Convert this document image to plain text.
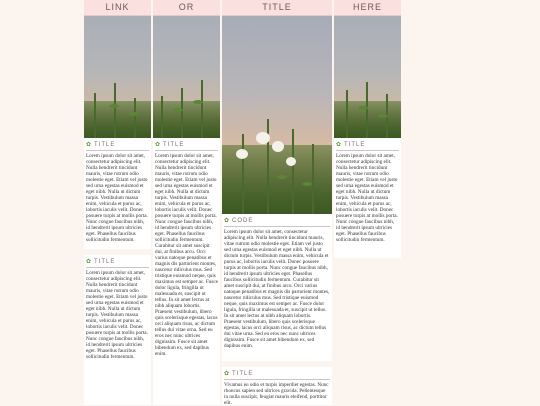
LINK
✿ TITLE
Lorem ipsum dolor sit amet, consectetur adipiscing elit. Nulla hendrerit tincidunt mauris, vitae rutrum odio molestie eget. Etiam vel justo sed urna egestas euismod et eget nibh. Nulla ut dictum turpis. Vestibulum massa enim, vehicula et purus ac, lobortis iaculis velit. Donec posuere turpis at mollis porta. Nunc congue faucibus nibh, id hendrerit ipsum ultricies eget. Phasellus faucibus sollicitudin fermentum.
✿ TITLE
Lorem ipsum dolor sit amet, consectetur adipiscing elit. Nulla hendrerit tincidunt mauris, vitae rutrum odio molestie eget. Etiam vel justo sed urna egestas euismod et eget nibh. Nulla ut dictum turpis. Vestibulum massa enim, vehicula et purus ac, lobortis iaculis velit. Donec posuere turpis at mollis porta. Nunc congue faucibus nibh, id hendrerit ipsum ultricies eget. Phasellus faucibus sollicitudin fermentum.
OR
✿ TITLE
Lorem ipsum dolor sit amet, consectetur adipiscing elit. Nulla hendrerit tincidunt mauris, vitae rutrum odio molestie eget. Etiam vel justo sed urna egestas euismod et eget nibh. Nulla ut dictum turpis. Vestibulum massa enim, vehicula et purus ac, lobortis iaculis velit. Donec posuere turpis at mollis porta. Nunc congue faucibus nibh, id hendrerit ipsum ultricies eget. Phasellus faucibus sollicitudin fermentum. Curabitur sit amet suscipit dui, at finibus arcu. Orci varius natoque penatibus et magnis dis parturient montes, nascetur ridiculus mus. Sed tristique euismod neque, quis maximus est semper ac. Fusce dolor ligula, fringilla ut malesuada et, suscipit ut tellus. In sit amet lectus at nibh aliquam lobortis. Praesent vestibulum, libero quis scelerisque egestas, lacus orci aliquam risus, ac dictum tellus dui vitae urna. Sed eu eros nec nunc ultrices dignissim. Fusce sit amet bibendum ex, sed dapibus enim.
TITLE
✿ CODE
Lorem ipsum dolor sit amet, consectetur adipiscing elit. Nulla hendrerit tincidunt mauris, vitae rutrum odio molestie eget. Etiam vel justo sed urna egestas euismod et eget nibh. Nulla ut dictum turpis. Vestibulum massa enim, vehicula et purus ac, lobortis iaculis velit. Donec posuere turpis at mollis porta. Nunc congue faucibus nibh, id hendrerit ipsum ultricies eget. Phasellus faucibus sollicitudin fermentum. Curabitur sit amet suscipit dui, at finibus arcu. Orci varius natoque penatibus et magnis dis parturient montes, nascetur ridiculus mus. Sed tristique euismod neque, quis maximus est semper ac. Fusce dolor ligula, fringilla ut malesuada et, suscipit ut tellus. In sit amet lectus at nibh aliquam lobortis. Praesent vestibulum, libero quis scelerisque egestas, lacus orci aliquam risus, ac dictum tellus dui vitae urna. Sed eu eros nec nunc ultrices dignissim. Fusce sit amet bibendum ex, sed dapibus enim.
✿ TITLE
Vivamus eu odio et turpis imperdiet egestas. Nunc rhoncus sapien sed ultrices gravida. Pellentesque in nulla suscipit, feugiat mauris eleifend, porttitor elit.
HERE
✿ TITLE
Lorem ipsum dolor sit amet, consectetur adipiscing elit. Nulla hendrerit tincidunt mauris, vitae rutrum odio molestie eget. Etiam vel justo sed urna egestas euismod et eget nibh. Nulla ut dictum turpis. Vestibulum massa enim, vehicula et purus ac, lobortis iaculis velit. Donec posuere turpis at mollis porta. Nunc congue faucibus nibh, id hendrerit ipsum ultricies eget. Phasellus faucibus sollicitudin fermentum.
